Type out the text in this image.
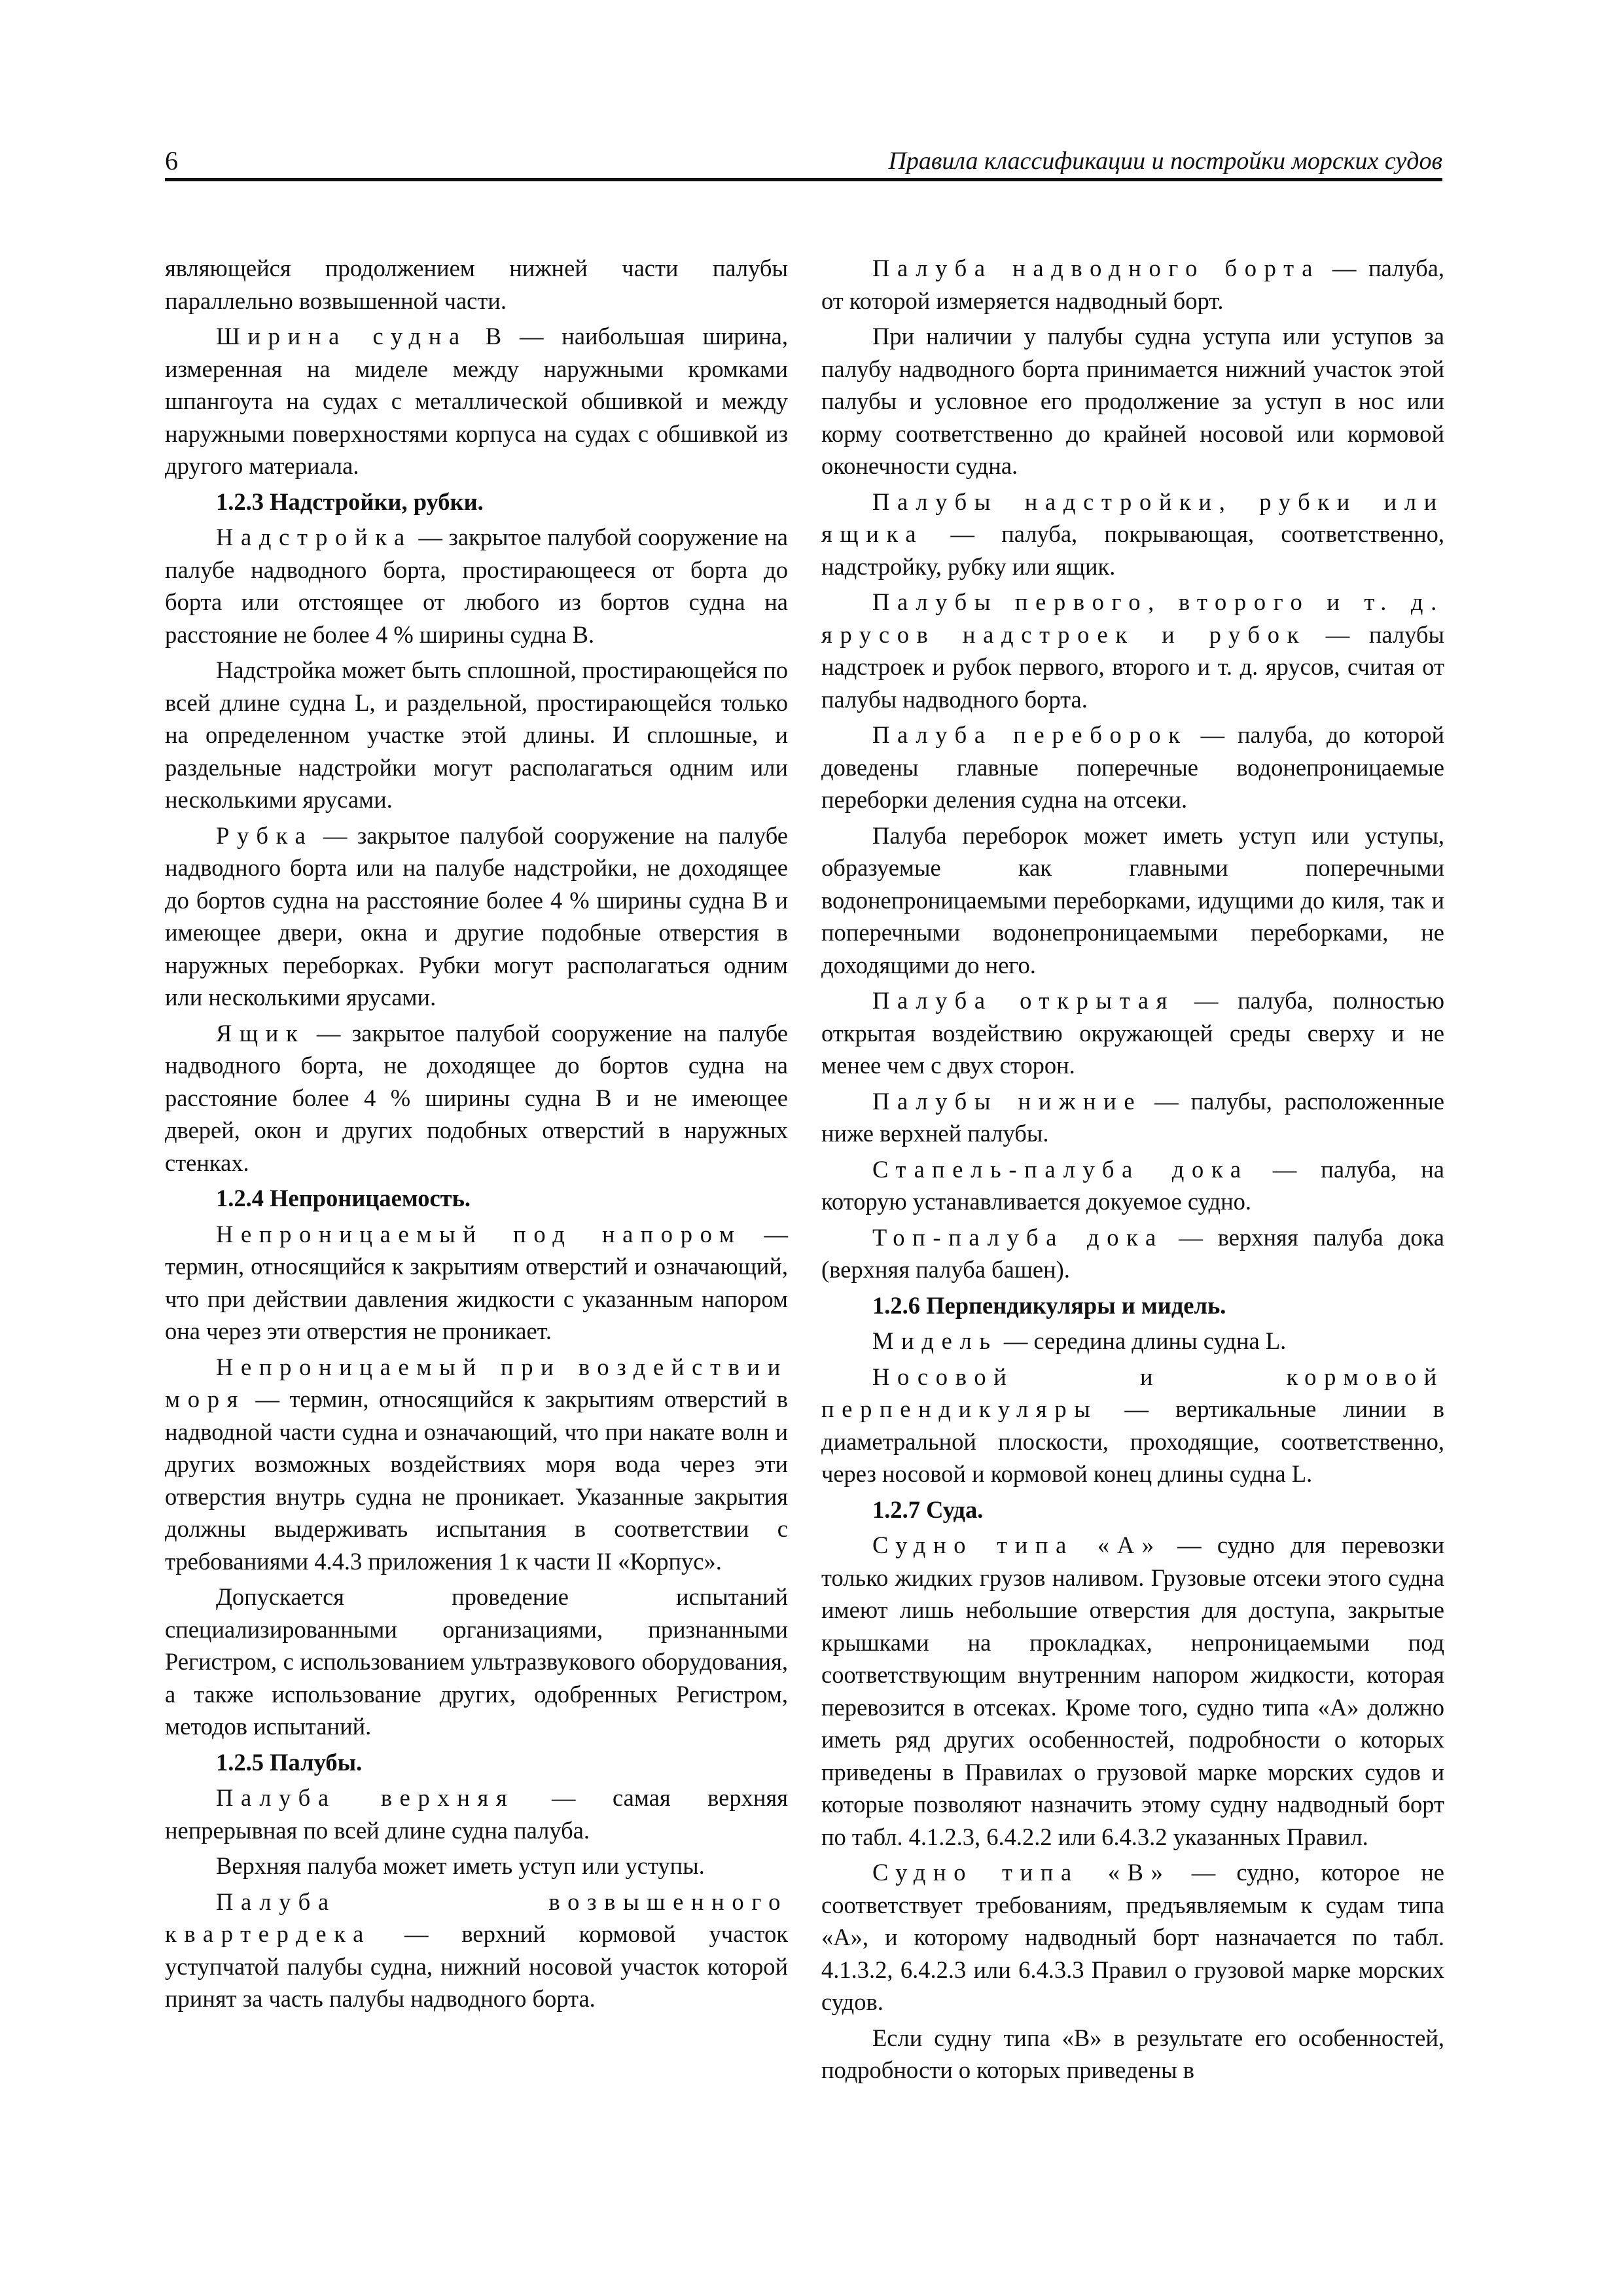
6	Правила классификации и постройки морских судов

являющейся продолжением нижней части палубы параллельно возвышенной части.

Ширина судна В — наибольшая ширина, измеренная на миделе между наружными кромками шпангоута на судах с металлической обшивкой и между наружными поверхностями корпуса на судах с обшивкой из другого материала.

1.2.3 Надстройки, рубки.

Надстройка — закрытое палубой сооружение на палубе надводного борта, простирающееся от борта до борта или отстоящее от любого из бортов судна на расстояние не более 4 % ширины судна B.

Надстройка может быть сплошной, простирающейся по всей длине судна L, и раздельной, простирающейся только на определенном участке этой длины. И сплошные, и раздельные надстройки могут располагаться одним или несколькими ярусами.

Рубка — закрытое палубой сооружение на палубе надводного борта или на палубе надстройки, не доходящее до бортов судна на расстояние более 4 % ширины судна В и имеющее двери, окна и другие подобные отверстия в наружных переборках. Рубки могут располагаться одним или несколькими ярусами.

Ящик — закрытое палубой сооружение на палубе надводного борта, не доходящее до бортов судна на расстояние более 4 % ширины судна В и не имеющее дверей, окон и других подобных отверстий в наружных стенках.

1.2.4 Непроницаемость.

Непроницаемый под напором — термин, относящийся к закрытиям отверстий и означающий, что при действии давления жидкости с указанным напором она через эти отверстия не проникает.

Непроницаемый при воздействии моря — термин, относящийся к закрытиям отверстий в надводной части судна и означающий, что при накате волн и других возможных воздействиях моря вода через эти отверстия внутрь судна не проникает. Указанные закрытия должны выдерживать испытания в соответствии с требованиями 4.4.3 приложения 1 к части II «Корпус».

Допускается проведение испытаний специализированными организациями, признанными Регистром, с использованием ультразвукового оборудования, а также использование других, одобренных Регистром, методов испытаний.

1.2.5 Палубы.

Палуба верхняя — самая верхняя непрерывная по всей длине судна палуба.

Верхняя палуба может иметь уступ или уступы.

Палуба возвышенного квартердека — верхний кормовой участок уступчатой палубы судна, нижний носовой участок которой принят за часть палубы надводного борта.

Палуба надводного борта — палуба, от которой измеряется надводный борт.

При наличии у палубы судна уступа или уступов за палубу надводного борта принимается нижний участок этой палубы и условное его продолжение за уступ в нос или корму соответственно до крайней носовой или кормовой оконечности судна.

Палубы надстройки, рубки или ящика — палуба, покрывающая, соответственно, надстройку, рубку или ящик.

Палубы первого, второго и т. д. ярусов надстроек и рубок — палубы надстроек и рубок первого, второго и т. д. ярусов, считая от палубы надводного борта.

Палуба переборок — палуба, до которой доведены главные поперечные водонепроницаемые переборки деления судна на отсеки.

Палуба переборок может иметь уступ или уступы, образуемые как главными поперечными водонепроницаемыми переборками, идущими до киля, так и поперечными водонепроницаемыми переборками, не доходящими до него.

Палуба открытая — палуба, полностью открытая воздействию окружающей среды сверху и не менее чем с двух сторон.

Палубы нижние — палубы, расположенные ниже верхней палубы.

Стапель-палуба дока — палуба, на которую устанавливается докуемое судно.

Топ-палуба дока — верхняя палуба дока (верхняя палуба башен).

1.2.6 Перпендикуляры и мидель.

Мидель — середина длины судна L.

Носовой и кормовой перпендикуляры — вертикальные линии в диаметральной плоскости, проходящие, соответственно, через носовой и кормовой конец длины судна L.

1.2.7 Суда.

Судно типа «А» — судно для перевозки только жидких грузов наливом. Грузовые отсеки этого судна имеют лишь небольшие отверстия для доступа, закрытые крышками на прокладках, непроницаемыми под соответствующим внутренним напором жидкости, которая перевозится в отсеках. Кроме того, судно типа «А» должно иметь ряд других особенностей, подробности о которых приведены в Правилах о грузовой марке морских судов и которые позволяют назначить этому судну надводный борт по табл. 4.1.2.3, 6.4.2.2 или 6.4.3.2 указанных Правил.

Судно типа «В» — судно, которое не соответствует требованиям, предъявляемым к судам типа «А», и которому надводный борт назначается по табл. 4.1.3.2, 6.4.2.3 или 6.4.3.3 Правил о грузовой марке морских судов.

Если судну типа «В» в результате его особенностей, подробности о которых приведены в
